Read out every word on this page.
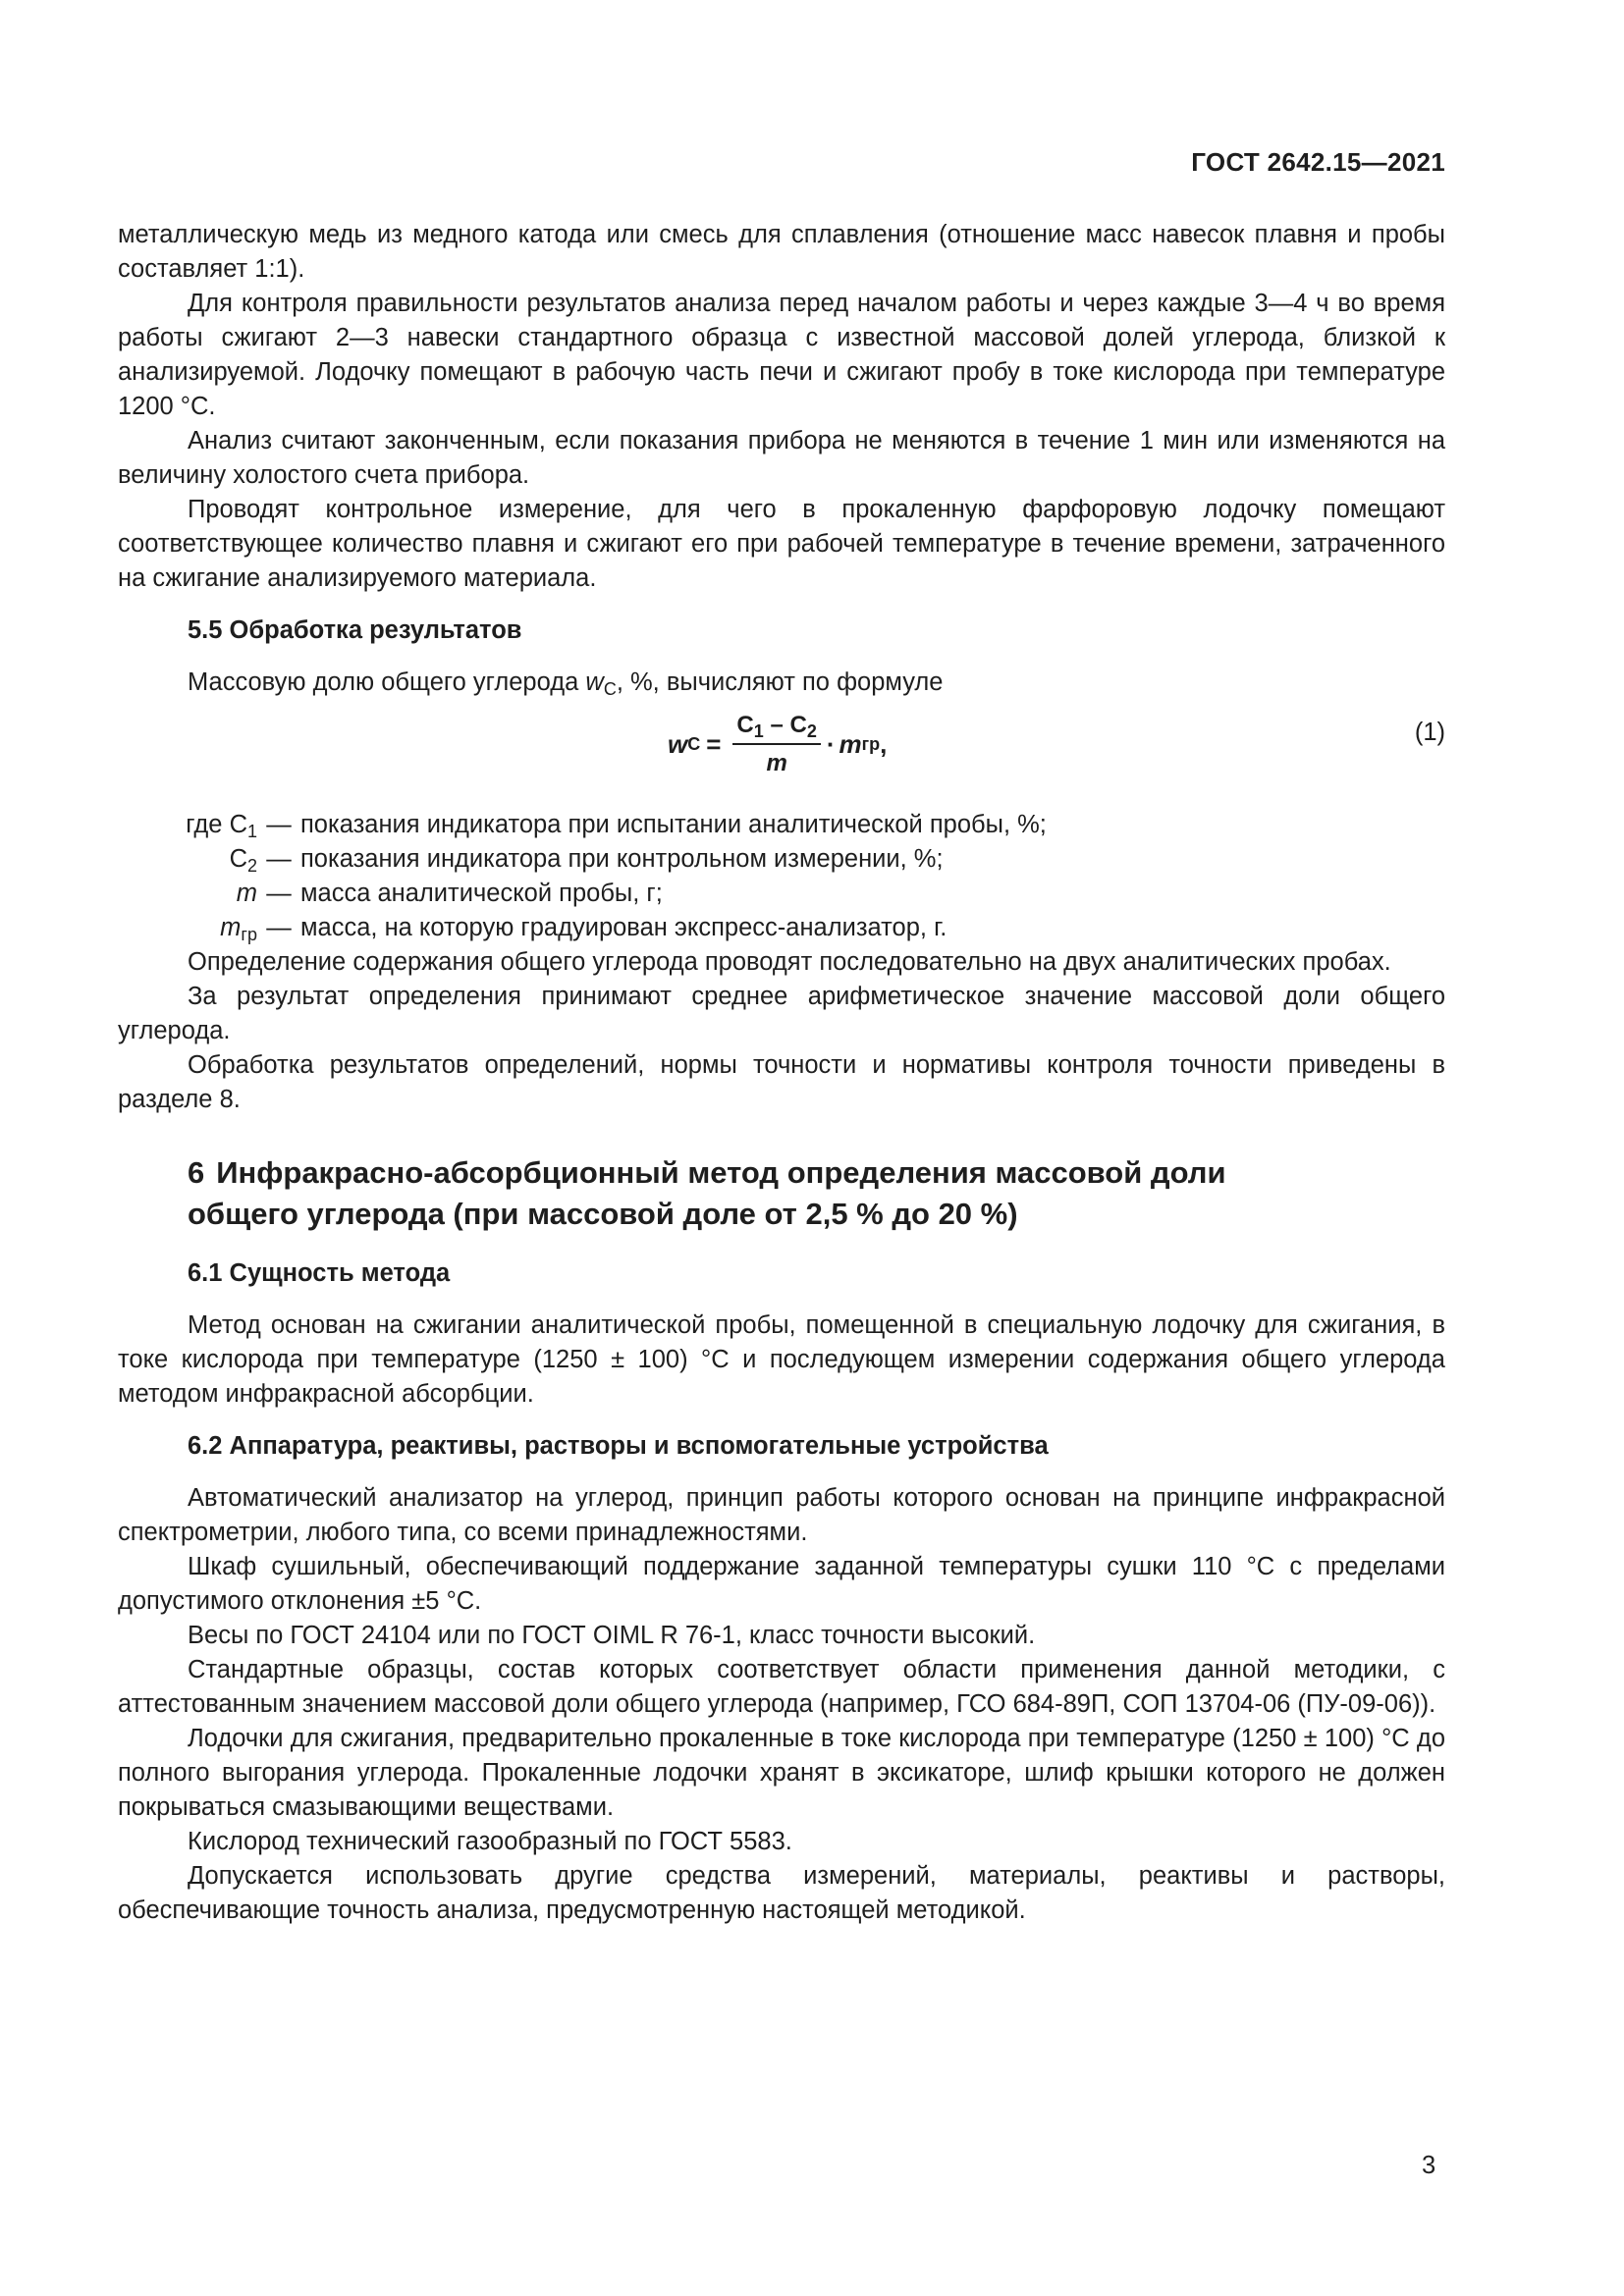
ГОСТ 2642.15—2021

металлическую медь из медного катода или смесь для сплавления (отношение масс навесок плавня и пробы составляет 1:1).

Для контроля правильности результатов анализа перед началом работы и через каждые 3—4 ч во время работы сжигают 2—3 навески стандартного образца с известной массовой долей углерода, близкой к анализируемой. Лодочку помещают в рабочую часть печи и сжигают пробу в токе кислорода при температуре 1200 °С.

Анализ считают законченным, если показания прибора не меняются в течение 1 мин или изменяются на величину холостого счета прибора.

Проводят контрольное измерение, для чего в прокаленную фарфоровую лодочку помещают соответствующее количество плавня и сжигают его при рабочей температуре в течение времени, затраченного на сжигание анализируемого материала.

5.5 Обработка результатов

Массовую долю общего углерода $w_C$, %, вычисляют по формуле

w $C = \frac{C_1 - C_2}{m} \cdot m$ гр ,	(1)
где $C_1$ — показания индикатора при испытании аналитической пробы, %;
$C_2$ — показания индикатора при контрольном измерении, %;
m — масса аналитической пробы, г;
$m_{гр}$ — масса, на которую градуирован экспресс-анализатор, г.

Определение содержания общего углерода проводят последовательно на двух аналитических пробах.

За результат определения принимают среднее арифметическое значение массовой доли общего углерода.

Обработка результатов определений, нормы точности и нормативы контроля точности приведены в разделе 8.

6 Инфракрасно-абсорбционный метод определения массовой доли
общего углерода (при массовой доле от 2,5 % до 20 %)
6.1 Сущность метода

Метод основан на сжигании аналитической пробы, помещенной в специальную лодочку для сжигания, в токе кислорода при температуре (1250 ± 100) °С и последующем измерении содержания общего углерода методом инфракрасной абсорбции.

6.2 Аппаратура, реактивы, растворы и вспомогательные устройства

Автоматический анализатор на углерод, принцип работы которого основан на принципе инфракрасной спектрометрии, любого типа, со всеми принадлежностями.

Шкаф сушильный, обеспечивающий поддержание заданной температуры сушки 110 °С с пределами допустимого отклонения ±5 °С.

Весы по ГОСТ 24104 или по ГОСТ OIML R 76-1, класс точности высокий.

Стандартные образцы, состав которых соответствует области применения данной методики, с аттестованным значением массовой доли общего углерода (например, ГСО 684-89П, СОП 13704-06 (ПУ-09-06)).

Лодочки для сжигания, предварительно прокаленные в токе кислорода при температуре (1250 ± 100) °С до полного выгорания углерода. Прокаленные лодочки хранят в эксикаторе, шлиф крышки которого не должен покрываться смазывающими веществами.

Кислород технический газообразный по ГОСТ 5583.

Допускается использовать другие средства измерений, материалы, реактивы и растворы, обеспечивающие точность анализа, предусмотренную настоящей методикой.

3
